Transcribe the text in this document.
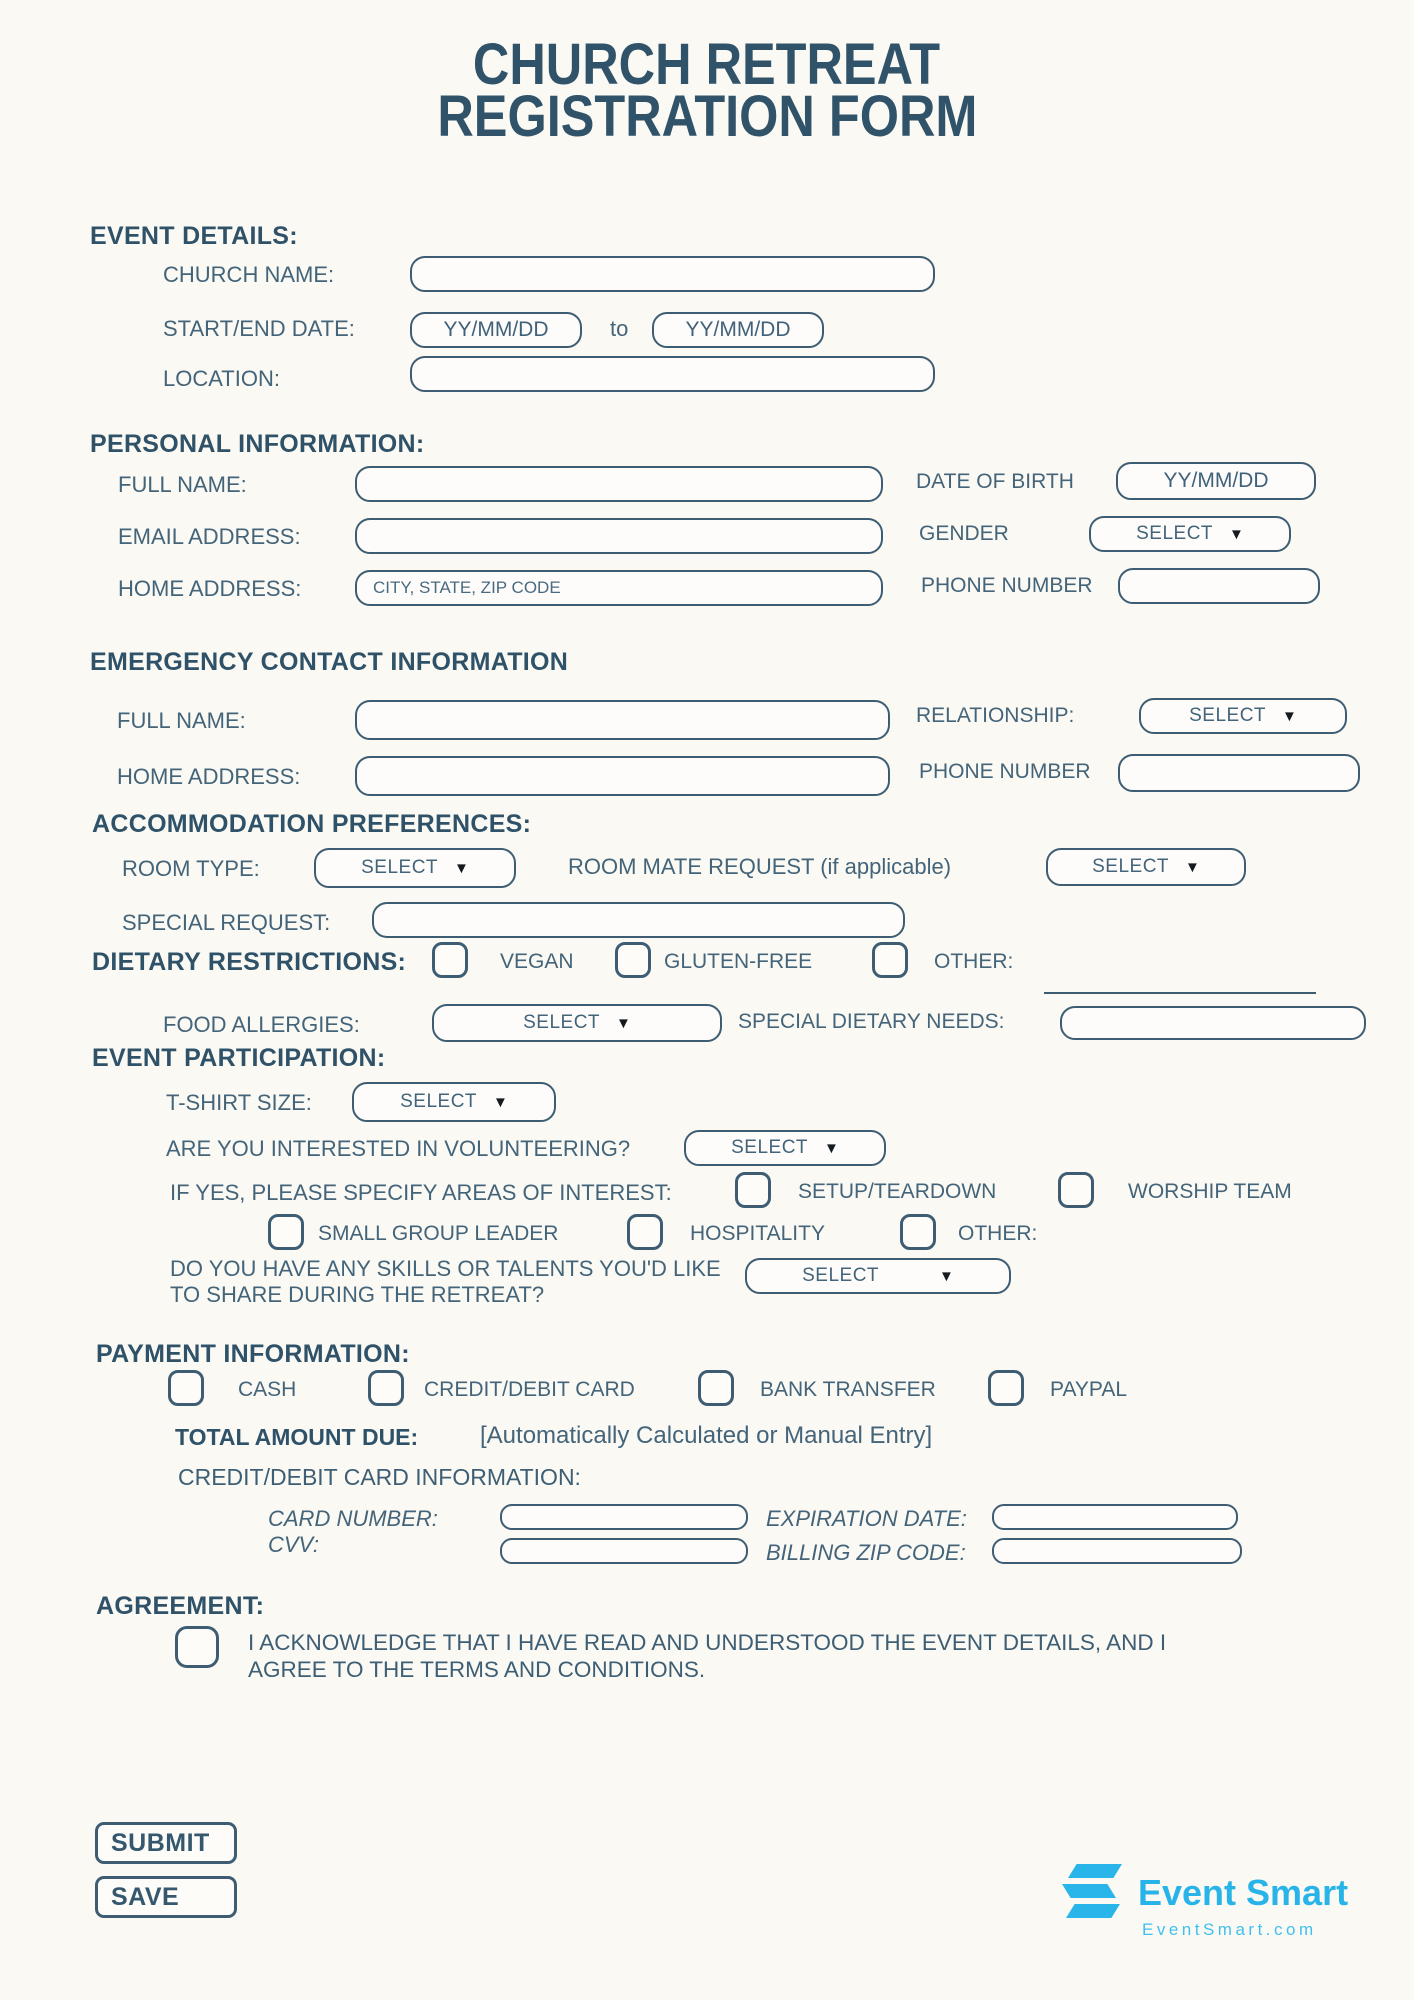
CHURCH RETREAT
REGISTRATION FORM
EVENT DETAILS:
CHURCH NAME:
START/END DATE:	YY/MM/DD	to	YY/MM/DD
LOCATION:
PERSONAL INFORMATION:
FULL NAME:	DATE OF BIRTH	YY/MM/DD
EMAIL ADDRESS:	GENDER	SELECT ▼
HOME ADDRESS:	CITY, STATE, ZIP CODE	PHONE NUMBER
EMERGENCY CONTACT INFORMATION
FULL NAME:	RELATIONSHIP:	SELECT ▼
HOME ADDRESS:	PHONE NUMBER
ACCOMMODATION PREFERENCES:
ROOM TYPE:	SELECT ▼	ROOM MATE REQUEST (if applicable)	SELECT ▼
SPECIAL REQUEST:
DIETARY RESTRICTIONS:	VEGAN	GLUTEN-FREE	OTHER:
FOOD ALLERGIES:	SELECT ▼	SPECIAL DIETARY NEEDS:
EVENT PARTICIPATION:
T-SHIRT SIZE:	SELECT ▼
ARE YOU INTERESTED IN VOLUNTEERING?	SELECT ▼
IF YES, PLEASE SPECIFY AREAS OF INTEREST:	SETUP/TEARDOWN	WORSHIP TEAM
SMALL GROUP LEADER	HOSPITALITY	OTHER:
DO YOU HAVE ANY SKILLS OR TALENTS YOU'D LIKE
TO SHARE DURING THE RETREAT?
SELECT	▼
PAYMENT INFORMATION:
CASH	CREDIT/DEBIT CARD	BANK TRANSFER	PAYPAL
TOTAL AMOUNT DUE:	[Automatically Calculated or Manual Entry]
CREDIT/DEBIT CARD INFORMATION:
CARD NUMBER:	EXPIRATION DATE:
CVV:	BILLING ZIP CODE:
AGREEMENT:
I ACKNOWLEDGE THAT I HAVE READ AND UNDERSTOOD THE EVENT DETAILS, AND I
AGREE TO THE TERMS AND CONDITIONS.
SUBMIT
SAVE	Event Smart
EventSmart.com
